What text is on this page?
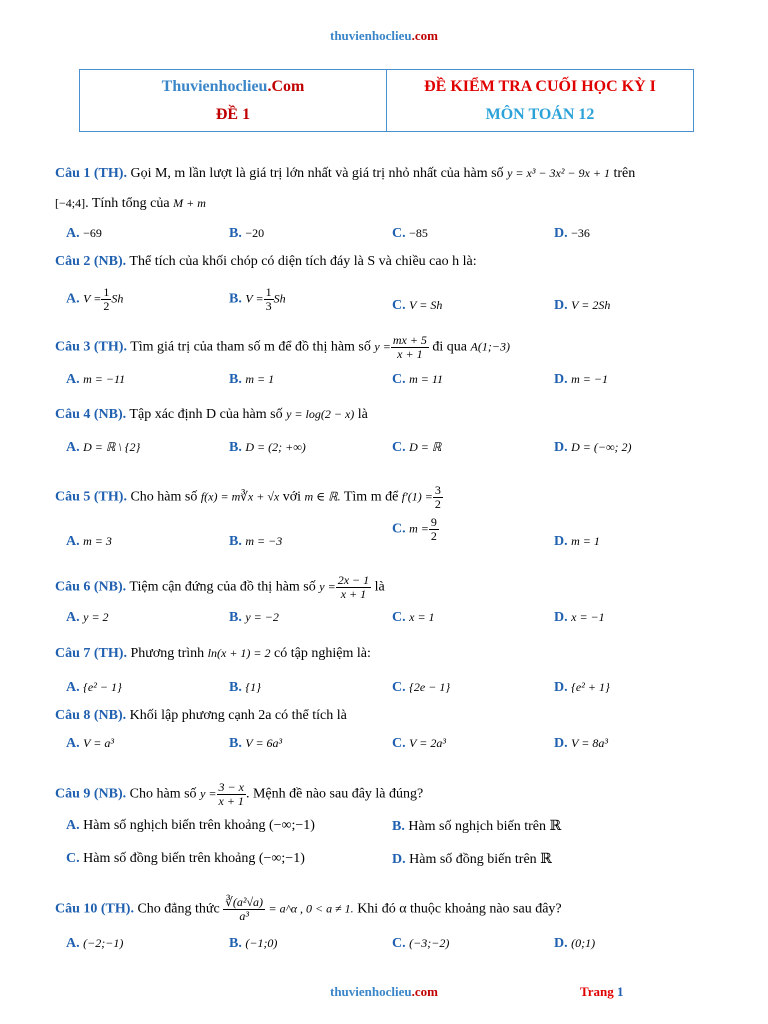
thuvienhoclieu.com
Thuvienhoclieu.Com
ĐỀ 1
ĐỀ KIỂM TRA CUỐI HỌC KỲ I
MÔN TOÁN 12
Câu 1 (TH). Gọi M, m lần lượt là giá trị lớn nhất và giá trị nhỏ nhất của hàm số y = x³ − 3x² − 9x + 1 trên
[−4;4]. Tính tổng của M + m
A. −69	B. −20	C. −85	D. −36
Câu 2 (NB). Thể tích của khối chóp có diện tích đáy là S và chiều cao h là:
A. $V = \frac{1}{2}$ Sh	B. $V = \frac{1}{3}$ Sh	C. V = Sh	D. V = 2Sh
Câu 3 (TH). Tìm giá trị của tham số m để đồ thị hàm số $y = \frac{mx + 5}{x + 1}$ đi qua A(1;−3)
A. m = −11	B. m = 1	C. m = 11	D. m = −1
Câu 4 (NB). Tập xác định D của hàm số y = log(2 − x) là
A. D = ℝ \ {2}	B. D = (2; +∞)	C. D = ℝ	D. D = (−∞; 2)
Câu 5 (TH). Cho hàm số f(x) = m∛x + √x với m ∈ ℝ. Tìm m để $f'(1) = \frac{3}{2}$
A. m = 3	B. m = −3
C. $m = \frac{9}{2}$	D. m = 1
Câu 6 (NB). Tiệm cận đứng của đồ thị hàm số $y = \frac{2x - 1}{x + 1}$ là
A. y = 2	B. y = −2	C. x = 1	D. x = −1
Câu 7 (TH). Phương trình ln(x + 1) = 2 có tập nghiệm là:
A. {e² − 1}	B. {1}	C. {2e − 1}	D. {e² + 1}
Câu 8 (NB). Khối lập phương cạnh 2a có thể tích là
A. V = a³	B. V = 6a³	C. V = 2a³	D. V = 8a³
Câu 9 (NB). Cho hàm số $y = \frac{3 - x}{x + 1}$ . Mệnh đề nào sau đây là đúng?
A. Hàm số nghịch biến trên khoảng (−∞;−1)	B. Hàm số nghịch biến trên ℝ
C. Hàm số đồng biến trên khoảng (−∞;−1)	D. Hàm số đồng biến trên ℝ
Câu 10 (TH). Cho đẳng thức $\frac{\text{∛(a²√a)}}{\text{a³}}$ = a^α , 0 < a ≠ 1. Khi đó α thuộc khoảng nào sau đây?
A. (−2;−1)	B. (−1;0)	C. (−3;−2)	D. (0;1)
thuvienhoclieu.com	Trang 1
